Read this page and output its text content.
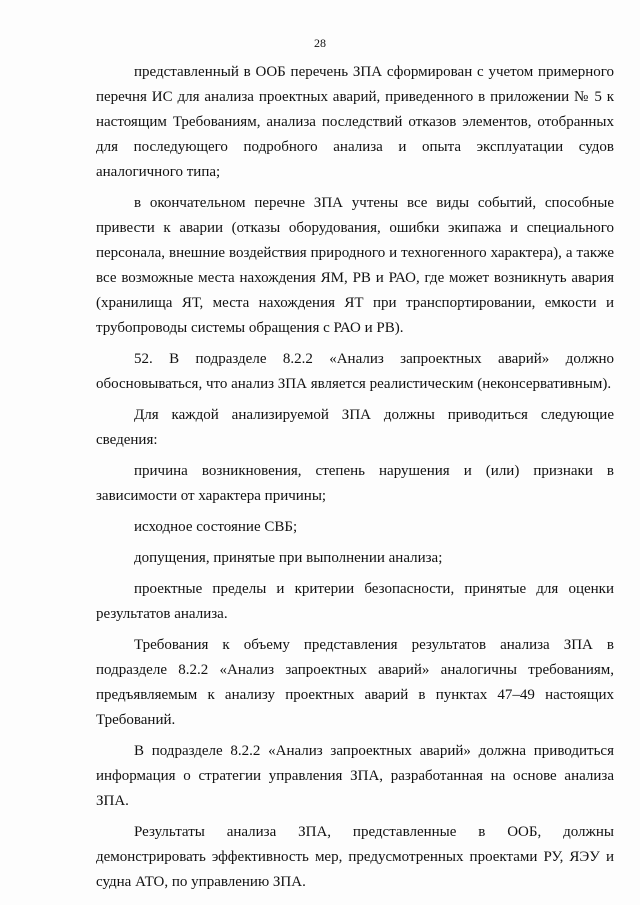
28

представленный в ООБ перечень ЗПА сформирован с учетом примерного перечня ИС для анализа проектных аварий, приведенного в приложении № 5 к настоящим Требованиям, анализа последствий отказов элементов, отобранных для последующего подробного анализа и опыта эксплуатации судов аналогичного типа;

в окончательном перечне ЗПА учтены все виды событий, способные привести к аварии (отказы оборудования, ошибки экипажа и специального персонала, внешние воздействия природного и техногенного характера), а также все возможные места нахождения ЯМ, РВ и РАО, где может возникнуть авария (хранилища ЯТ, места нахождения ЯТ при транспортировании, емкости и трубопроводы системы обращения с РАО и РВ).

52. В подразделе 8.2.2 «Анализ запроектных аварий» должно обосновываться, что анализ ЗПА является реалистическим (неконсервативным).

Для каждой анализируемой ЗПА должны приводиться следующие сведения:

причина возникновения, степень нарушения и (или) признаки в зависимости от характера причины;

исходное состояние СВБ;

допущения, принятые при выполнении анализа;

проектные пределы и критерии безопасности, принятые для оценки результатов анализа.

Требования к объему представления результатов анализа ЗПА в подразделе 8.2.2 «Анализ запроектных аварий» аналогичны требованиям, предъявляемым к анализу проектных аварий в пунктах 47–49 настоящих Требований.

В подразделе 8.2.2 «Анализ запроектных аварий» должна приводиться информация о стратегии управления ЗПА, разработанная на основе анализа ЗПА.

Результаты анализа ЗПА, представленные в ООБ, должны демонстрировать эффективность мер, предусмотренных проектами РУ, ЯЭУ и судна АТО, по управлению ЗПА.
